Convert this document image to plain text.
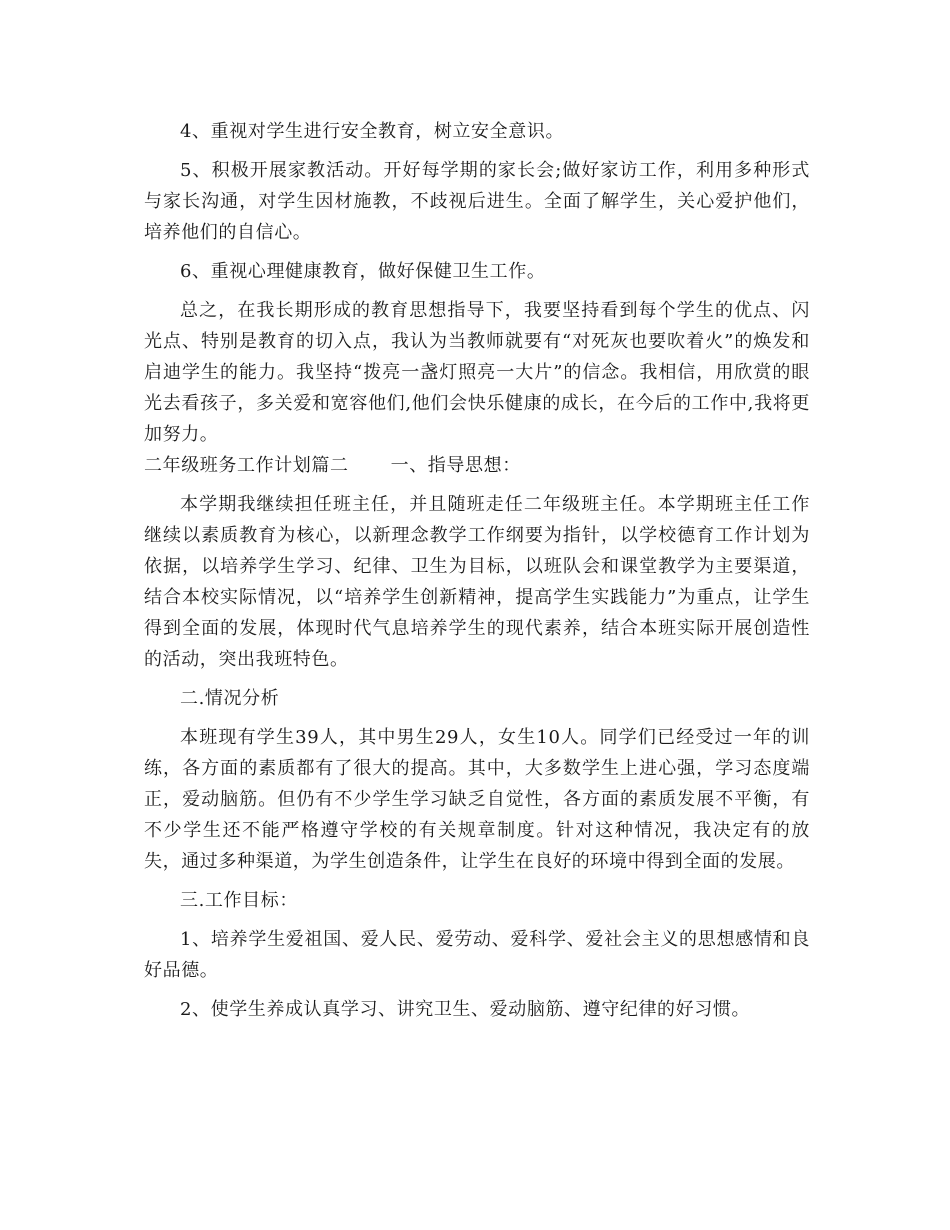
4、重视对学生进行安全教育，树立安全意识。

5、积极开展家教活动。开好每学期的家长会;做好家访工作，利用多种形式与家长沟通，对学生因材施教，不歧视后进生。全面了解学生，关心爱护他们，培养他们的自信心。

6、重视心理健康教育，做好保健卫生工作。

总之，在我长期形成的教育思想指导下，我要坚持看到每个学生的优点、闪光点、特别是教育的切入点，我认为当教师就要有“对死灰也要吹着火”的焕发和启迪学生的能力。我坚持“拨亮一盏灯照亮一大片”的信念。我相信，用欣赏的眼光去看孩子，多关爱和宽容他们,他们会快乐健康的成长，在今后的工作中,我将更加努力。

二年级班务工作计划篇二 一、指导思想：

本学期我继续担任班主任，并且随班走任二年级班主任。本学期班主任工作继续以素质教育为核心，以新理念教学工作纲要为指针，以学校德育工作计划为依据，以培养学生学习、纪律、卫生为目标，以班队会和课堂教学为主要渠道，结合本校实际情况，以“培养学生创新精神，提高学生实践能力”为重点，让学生得到全面的发展，体现时代气息培养学生的现代素养，结合本班实际开展创造性的活动，突出我班特色。

二.情况分析

本班现有学生39人，其中男生29人，女生10人。同学们已经受过一年的训练，各方面的素质都有了很大的提高。其中，大多数学生上进心强，学习态度端正，爱动脑筋。但仍有不少学生学习缺乏自觉性，各方面的素质发展不平衡，有不少学生还不能严格遵守学校的有关规章制度。针对这种情况，我决定有的放失，通过多种渠道，为学生创造条件，让学生在良好的环境中得到全面的发展。

三.工作目标：

1、培养学生爱祖国、爱人民、爱劳动、爱科学、爱社会主义的思想感情和良好品德。

2、使学生养成认真学习、讲究卫生、爱动脑筋、遵守纪律的好习惯。
